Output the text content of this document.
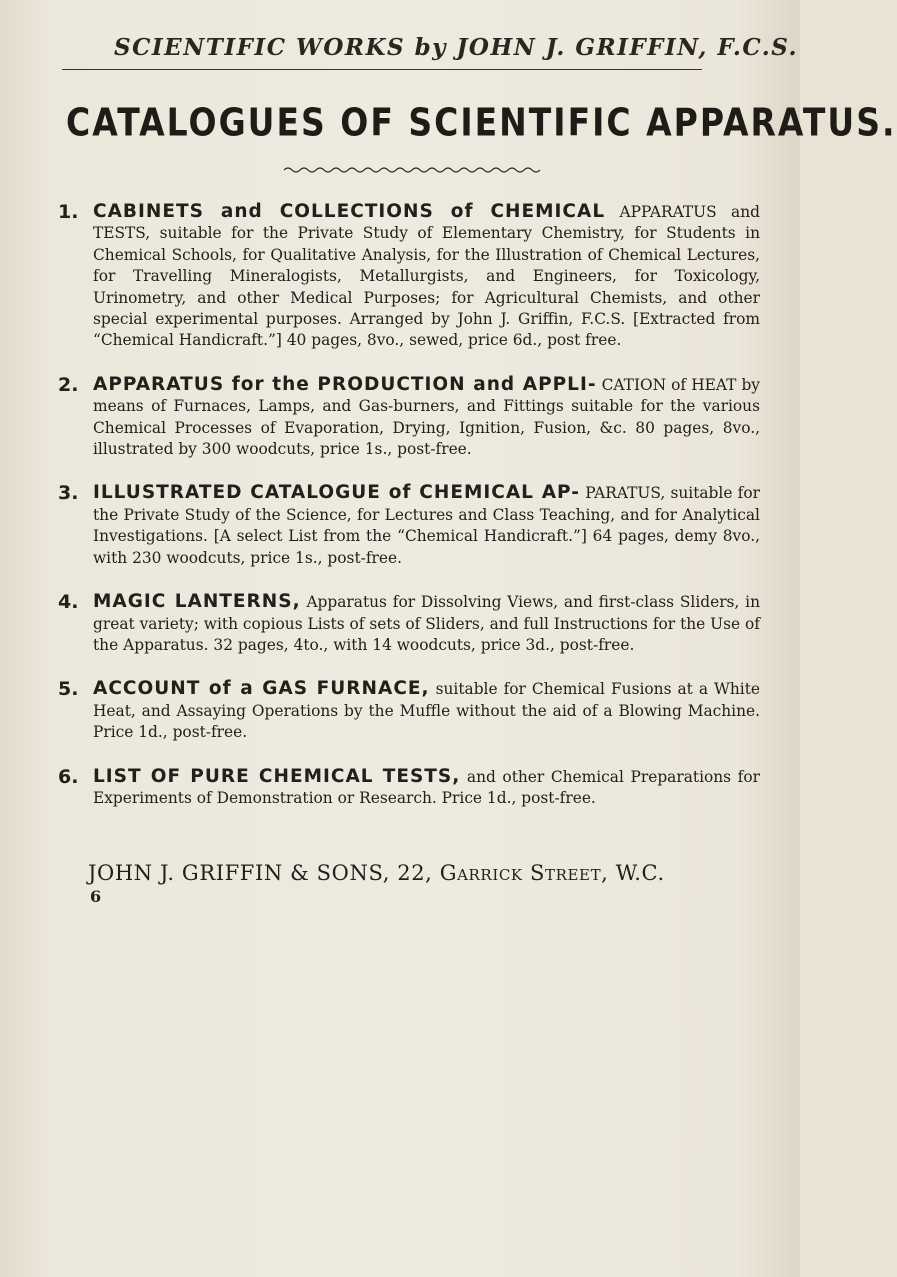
SCIENTIFIC WORKS by JOHN J. GRIFFIN, F.C.S.
CATALOGUES OF SCIENTIFIC APPARATUS.
1. CABINETS and COLLECTIONS of CHEMICAL APPARATUS and TESTS, suitable for the Private Study of Elementary Chemistry, for Students in Chemical Schools, for Qualitative Analysis, for the Illustration of Chemical Lectures, for Travelling Mineralogists, Metallurgists, and Engineers, for Toxicology, Urinometry, and other Medical Purposes; for Agricultural Chemists, and other special experimental purposes. Arranged by John J. Griffin, F.C.S. [Extracted from “Chemical Handicraft.”] 40 pages, 8vo., sewed, price 6d., post free.
2. APPARATUS for the PRODUCTION and APPLI- CATION of HEAT by means of Furnaces, Lamps, and Gas-burners, and Fittings suitable for the various Chemical Processes of Evaporation, Drying, Ignition, Fusion, &c. 80 pages, 8vo., illustrated by 300 woodcuts, price 1s., post-free.
3. ILLUSTRATED CATALOGUE of CHEMICAL AP- PARATUS, suitable for the Private Study of the Science, for Lectures and Class Teaching, and for Analytical Investigations. [A select List from the “Chemical Handicraft.”] 64 pages, demy 8vo., with 230 woodcuts, price 1s., post-free.
4. MAGIC LANTERNS, Apparatus for Dissolving Views, and first-class Sliders, in great variety; with copious Lists of sets of Sliders, and full Instructions for the Use of the Apparatus. 32 pages, 4to., with 14 woodcuts, price 3d., post-free.
5. ACCOUNT of a GAS FURNACE, suitable for Chemical Fusions at a White Heat, and Assaying Operations by the Muffle without the aid of a Blowing Machine. Price 1d., post-free.
6. LIST OF PURE CHEMICAL TESTS, and other Chemical Preparations for Experiments of Demonstration or Research. Price 1d., post-free.
JOHN J. GRIFFIN & SONS, 22, Garrick Street, W.C.
6
